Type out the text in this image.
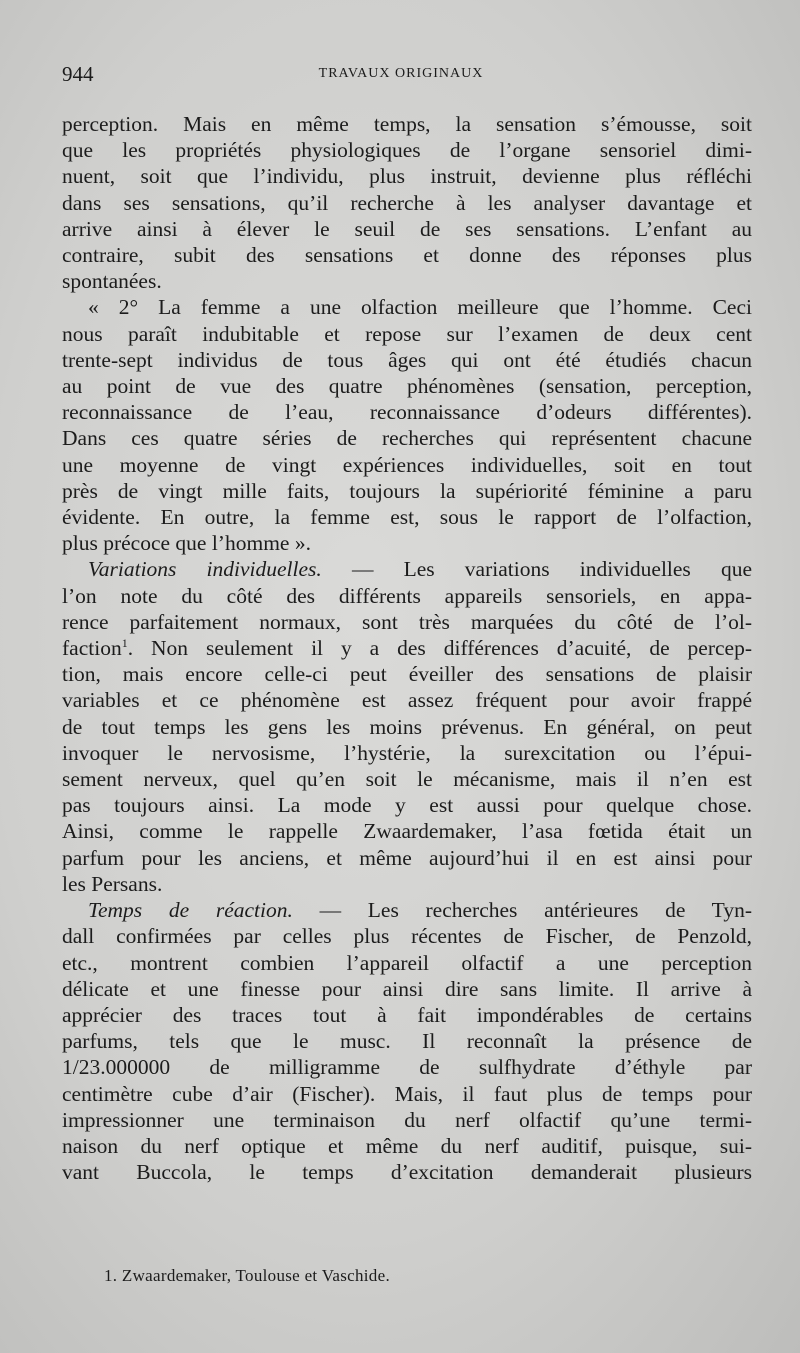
944	TRAVAUX ORIGINAUX
perception. Mais en même temps, la sensation s’émousse, soit
que les propriétés physiologiques de l’organe sensoriel dimi-
nuent, soit que l’individu, plus instruit, devienne plus réfléchi
dans ses sensations, qu’il recherche à les analyser davantage et
arrive ainsi à élever le seuil de ses sensations. L’enfant au
contraire, subit des sensations et donne des réponses plus
spontanées.
« 2° La femme a une olfaction meilleure que l’homme. Ceci
nous paraît indubitable et repose sur l’examen de deux cent
trente-sept individus de tous âges qui ont été étudiés chacun
au point de vue des quatre phénomènes (sensation, perception,
reconnaissance de l’eau, reconnaissance d’odeurs différentes).
Dans ces quatre séries de recherches qui représentent chacune
une moyenne de vingt expériences individuelles, soit en tout
près de vingt mille faits, toujours la supériorité féminine a paru
évidente. En outre, la femme est, sous le rapport de l’olfaction,
plus précoce que l’homme ».
Variations individuelles. — Les variations individuelles que
l’on note du côté des différents appareils sensoriels, en appa-
rence parfaitement normaux, sont très marquées du côté de l’ol-
faction$^1$. Non seulement il y a des différences d’acuité, de percep-
tion, mais encore celle-ci peut éveiller des sensations de plaisir
variables et ce phénomène est assez fréquent pour avoir frappé
de tout temps les gens les moins prévenus. En général, on peut
invoquer le nervosisme, l’hystérie, la surexcitation ou l’épui-
sement nerveux, quel qu’en soit le mécanisme, mais il n’en est
pas toujours ainsi. La mode y est aussi pour quelque chose.
Ainsi, comme le rappelle Zwaardemaker, l’asa fœtida était un
parfum pour les anciens, et même aujourd’hui il en est ainsi pour
les Persans.
Temps de réaction. — Les recherches antérieures de Tyn-
dall confirmées par celles plus récentes de Fischer, de Penzold,
etc., montrent combien l’appareil olfactif a une perception
délicate et une finesse pour ainsi dire sans limite. Il arrive à
apprécier des traces tout à fait impondérables de certains
parfums, tels que le musc. Il reconnaît la présence de
1/23.000000 de milligramme de sulfhydrate d’éthyle par
centimètre cube d’air (Fischer). Mais, il faut plus de temps pour
impressionner une terminaison du nerf olfactif qu’une termi-
naison du nerf optique et même du nerf auditif, puisque, sui-
vant Buccola, le temps d’excitation demanderait plusieurs
1. Zwaardemaker, Toulouse et Vaschide.
